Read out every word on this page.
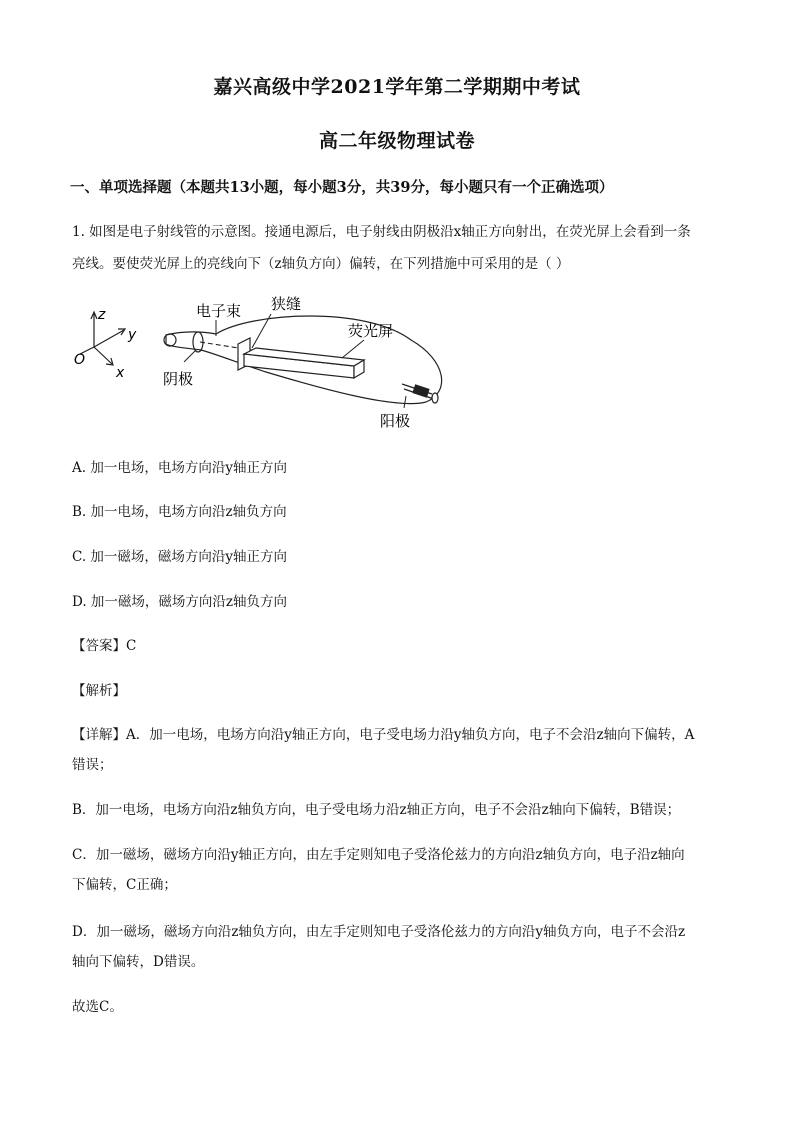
嘉兴高级中学2021学年第二学期期中考试
高二年级物理试卷
一、单项选择题（本题共13小题，每小题3分，共39分，每小题只有一个正确选项）
1. 如图是电子射线管的示意图。接通电源后，电子射线由阴极沿x轴正方向射出，在荧光屏上会看到一条
亮线。要使荧光屏上的亮线向下（z轴负方向）偏转，在下列措施中可采用的是（ ）
z
y
x
O
电子束 狭缝
荧光屏
阴极
阳极
A. 加一电场，电场方向沿y轴正方向
B. 加一电场，电场方向沿z轴负方向
C. 加一磁场，磁场方向沿y轴正方向
D. 加一磁场，磁场方向沿z轴负方向
【答案】C
【解析】
【详解】A．加一电场，电场方向沿y轴正方向，电子受电场力沿y轴负方向，电子不会沿z轴向下偏转，A
错误；
B．加一电场，电场方向沿z轴负方向，电子受电场力沿z轴正方向，电子不会沿z轴向下偏转，B错误；
C．加一磁场，磁场方向沿y轴正方向，由左手定则知电子受洛伦兹力的方向沿z轴负方向，电子沿z轴向
下偏转，C正确；
D．加一磁场，磁场方向沿z轴负方向，由左手定则知电子受洛伦兹力的方向沿y轴负方向，电子不会沿z
轴向下偏转，D错误。
故选C。
